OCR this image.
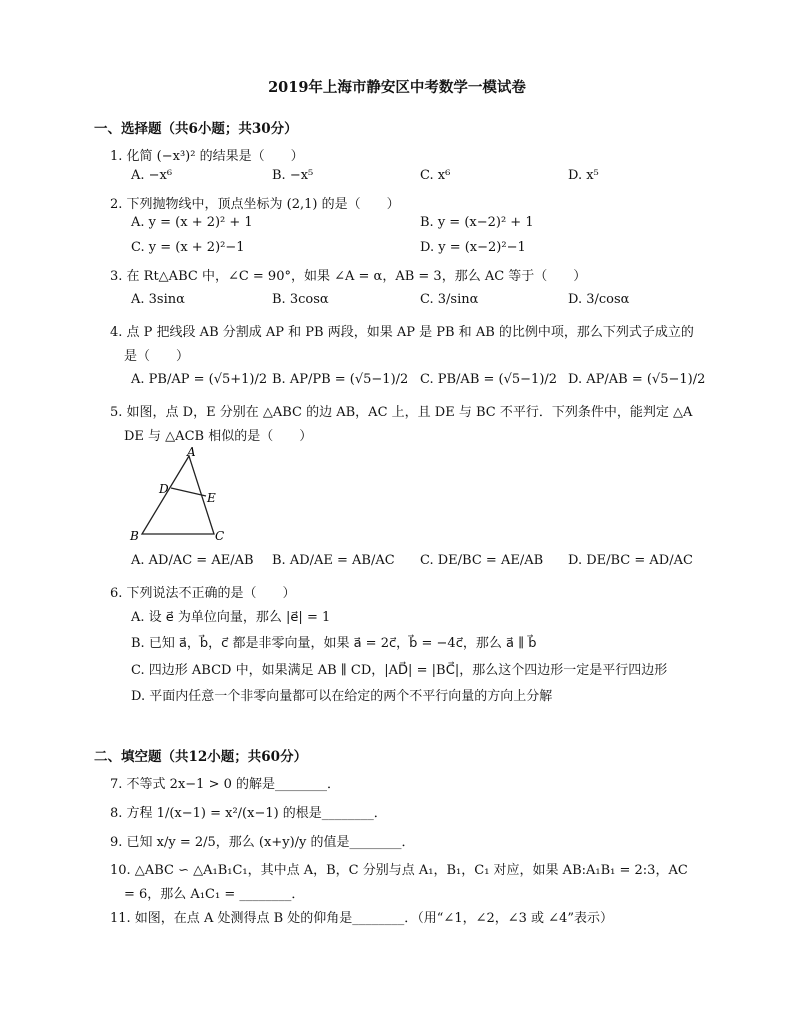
2019年上海市静安区中考数学一模试卷
一、选择题（共6小题；共30分）
1. 化简 (−x³)² 的结果是（　　）
A. −x⁶	B. −x⁵	C. x⁶	D. x⁵
2. 下列抛物线中，顶点坐标为 (2,1) 的是（　　）
A. y = (x + 2)² + 1	B. y = (x−2)² + 1
C. y = (x + 2)²−1	D. y = (x−2)²−1
3. 在 Rt△ABC 中，∠C = 90°，如果 ∠A = α，AB = 3，那么 AC 等于（　　）
A. 3sinα	B. 3cosα	C. 3/sinα	D. 3/cosα
4. 点 P 把线段 AB 分割成 AP 和 PB 两段，如果 AP 是 PB 和 AB 的比例中项，那么下列式子成立的
是（　　）
A. PB/AP = (√5+1)/2 B. AP/PB = (√5−1)/2 C. PB/AB = (√5−1)/2 D. AP/AB = (√5−1)/2
5. 如图，点 D，E 分别在 △ABC 的边 AB，AC 上，且 DE 与 BC 不平行．下列条件中，能判定 △A
DE 与 △ACB 相似的是（　　）
A
B	C
D
E
A. AD/AC = AE/AB B. AD/AE = AB/AC C. DE/BC = AE/AB D. DE/BC = AD/AC
6. 下列说法不正确的是（　　）
A. 设 e⃗ 为单位向量，那么 |e⃗| = 1
B. 已知 a⃗，b⃗，c⃗ 都是非零向量，如果 a⃗ = 2c⃗，b⃗ = −4c⃗，那么 a⃗ ∥ b⃗
C. 四边形 ABCD 中，如果满足 AB ∥ CD，|AD⃗| = |BC⃗|，那么这个四边形一定是平行四边形
D. 平面内任意一个非零向量都可以在给定的两个不平行向量的方向上分解
二、填空题（共12小题；共60分）
7. 不等式 2x−1 > 0 的解是________．
8. 方程 1/(x−1) = x²/(x−1) 的根是________．
9. 已知 x/y = 2/5，那么 (x+y)/y 的值是________．
10. △ABC ∽ △A₁B₁C₁，其中点 A，B，C 分别与点 A₁，B₁，C₁ 对应，如果 AB:A₁B₁ = 2:3，AC
= 6，那么 A₁C₁ = ________．
11. 如图，在点 A 处测得点 B 处的仰角是________．（用“∠1，∠2，∠3 或 ∠4”表示）
